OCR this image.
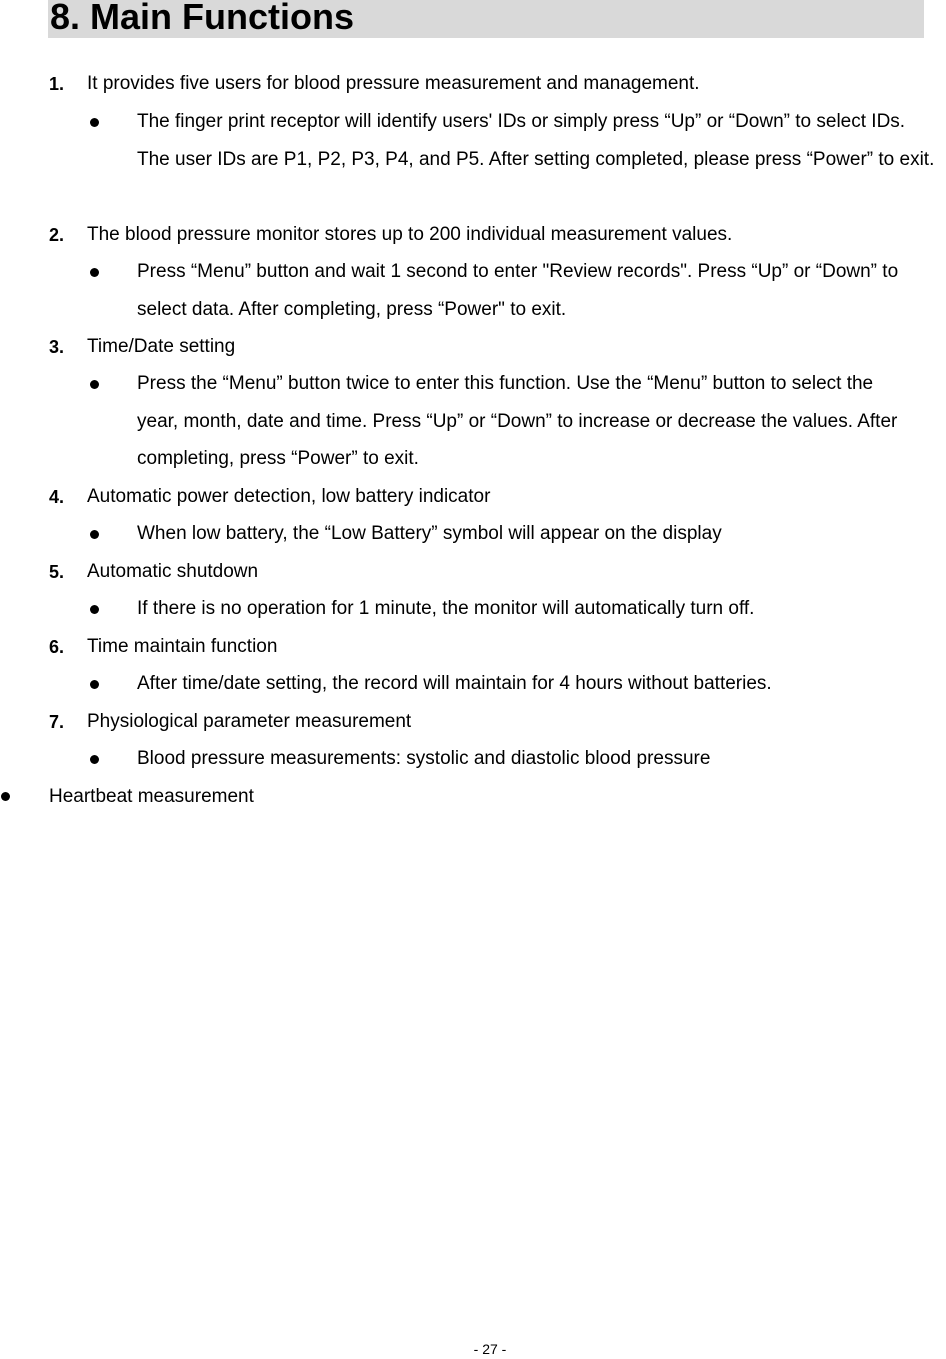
8. Main Functions
1. It provides five users for blood pressure measurement and management.
The finger print receptor will identify users' IDs or simply press “Up” or “Down” to select IDs. The user IDs are P1, P2, P3, P4, and P5. After setting completed, please press “Power” to exit.
2. The blood pressure monitor stores up to 200 individual measurement values.
Press “Menu” button and wait 1 second to enter "Review records". Press “Up” or “Down” to select data. After completing, press “Power" to exit.
3. Time/Date setting
Press the “Menu” button twice to enter this function. Use the “Menu” button to select the year, month, date and time. Press “Up” or “Down” to increase or decrease the values. After completing, press “Power” to exit.
4. Automatic power detection, low battery indicator
When low battery, the “Low Battery” symbol will appear on the display
5. Automatic shutdown
If there is no operation for 1 minute, the monitor will automatically turn off.
6. Time maintain function
After time/date setting, the record will maintain for 4 hours without batteries.
7. Physiological parameter measurement
Blood pressure measurements: systolic and diastolic blood pressure
Heartbeat measurement
- 27 -
